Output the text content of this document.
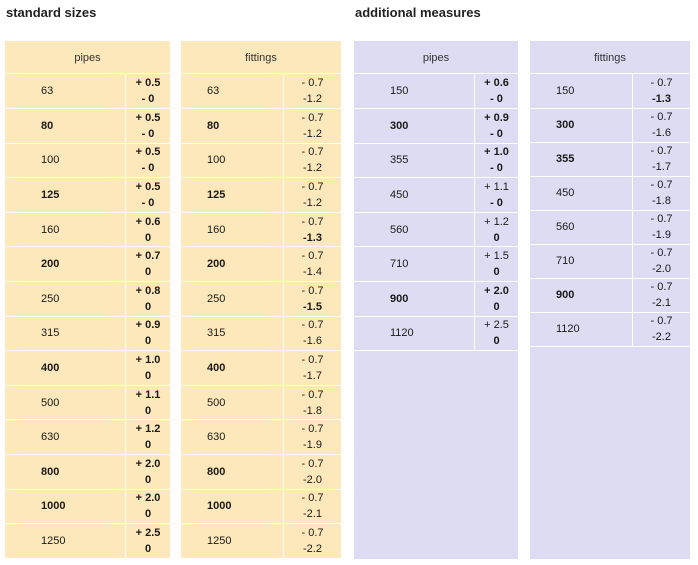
standard sizes	additional measures
pipes
63	+ 0.5
- 0

80	+ 0.5
- 0

100	+ 0.5
- 0

125	+ 0.5
- 0

160	+ 0.6
0

200	+ 0.7
0

250	+ 0.8
0

315	+ 0.9
0

400	+ 1.0
0

500	+ 1.1
0

630	+ 1.2
0

800	+ 2.0
0

1000	+ 2.0
0

1250	+ 2.5
0
fittings
63	- 0.7
-1.2

80	- 0.7
-1.2

100	- 0.7
-1.2

125	- 0.7
-1.2

160	- 0.7
-1.3

200	- 0.7
-1.4

250	- 0.7
-1.5

315	- 0.7
-1.6

400	- 0.7
-1.7

500	- 0.7
-1.8

630	- 0.7
-1.9

800	- 0.7
-2.0

1000	- 0.7
-2.1

1250	- 0.7
-2.2
pipes
150	+ 0.6
- 0

300	+ 0.9
- 0

355	+ 1.0
- 0

450	+ 1.1
- 0

560	+ 1.2
0

710	+ 1.5
0

900	+ 2.0
0

1120	+ 2.5
0
fittings
150	- 0.7
-1.3

300	- 0.7
-1.6

355	- 0.7
-1.7

450	- 0.7
-1.8

560	- 0.7
-1.9

710	- 0.7
-2.0

900	- 0.7
-2.1

1120	- 0.7
-2.2
